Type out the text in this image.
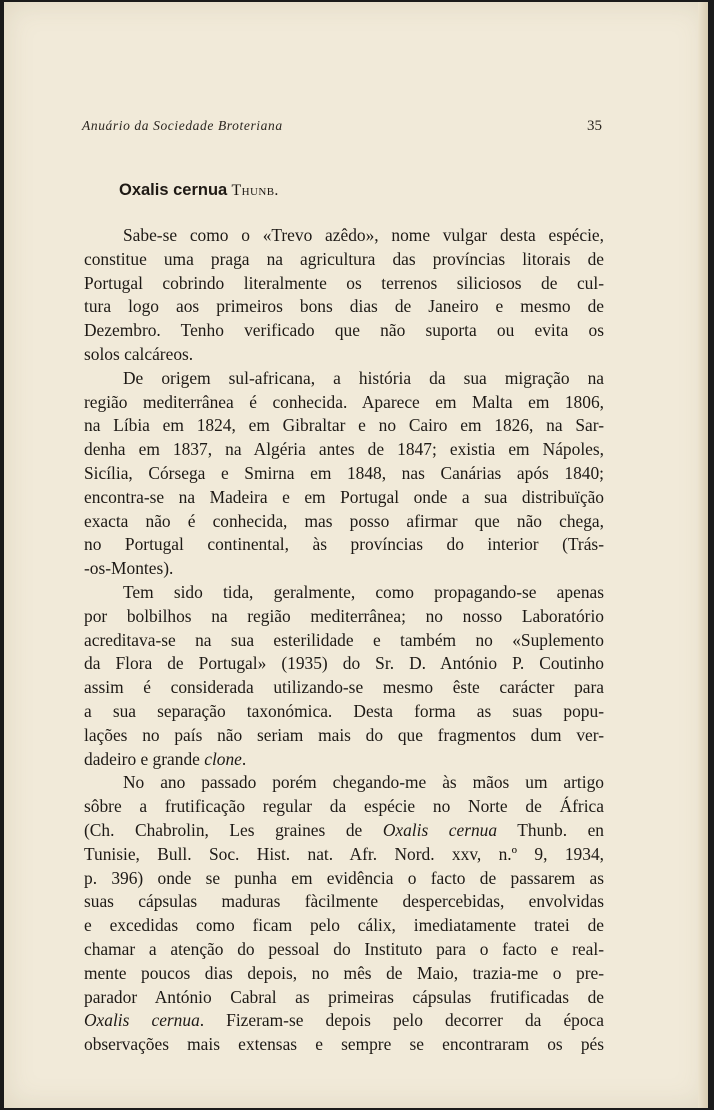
Anuário da Sociedade Broteriana	35
Oxalis cernua Thunb.
Sabe-se como o «Trevo azêdo», nome vulgar desta espécie,
constitue uma praga na agricultura das províncias litorais de
Portugal cobrindo literalmente os terrenos siliciosos de cul-
tura logo aos primeiros bons dias de Janeiro e mesmo de
Dezembro. Tenho verificado que não suporta ou evita os
solos calcáreos.
De origem sul-africana, a história da sua migração na
região mediterrânea é conhecida. Aparece em Malta em 1806,
na Líbia em 1824, em Gibraltar e no Cairo em 1826, na Sar-
denha em 1837, na Algéria antes de 1847; existia em Nápoles,
Sicília, Córsega e Smirna em 1848, nas Canárias após 1840;
encontra-se na Madeira e em Portugal onde a sua distribuïção
exacta não é conhecida, mas posso afirmar que não chega,
no Portugal continental, às províncias do interior (Trás-
-os-Montes).
Tem sido tida, geralmente, como propagando-se apenas
por bolbilhos na região mediterrânea; no nosso Laboratório
acreditava-se na sua esterilidade e também no «Suplemento
da Flora de Portugal» (1935) do Sr. D. António P. Coutinho
assim é considerada utilizando-se mesmo êste carácter para
a sua separação taxonómica. Desta forma as suas popu-
lações no país não seriam mais do que fragmentos dum ver-
dadeiro e grande clone.
No ano passado porém chegando-me às mãos um artigo
sôbre a frutificação regular da espécie no Norte de África
(Ch. Chabrolin, Les graines de Oxalis cernua Thunb. en
Tunisie, Bull. Soc. Hist. nat. Afr. Nord. xxv, n.º 9, 1934,
p. 396) onde se punha em evidência o facto de passarem as
suas cápsulas maduras fàcilmente despercebidas, envolvidas
e excedidas como ficam pelo cálix, imediatamente tratei de
chamar a atenção do pessoal do Instituto para o facto e real-
mente poucos dias depois, no mês de Maio, trazia-me o pre-
parador António Cabral as primeiras cápsulas frutificadas de
Oxalis cernua. Fizeram-se depois pelo decorrer da época
observações mais extensas e sempre se encontraram os pés
